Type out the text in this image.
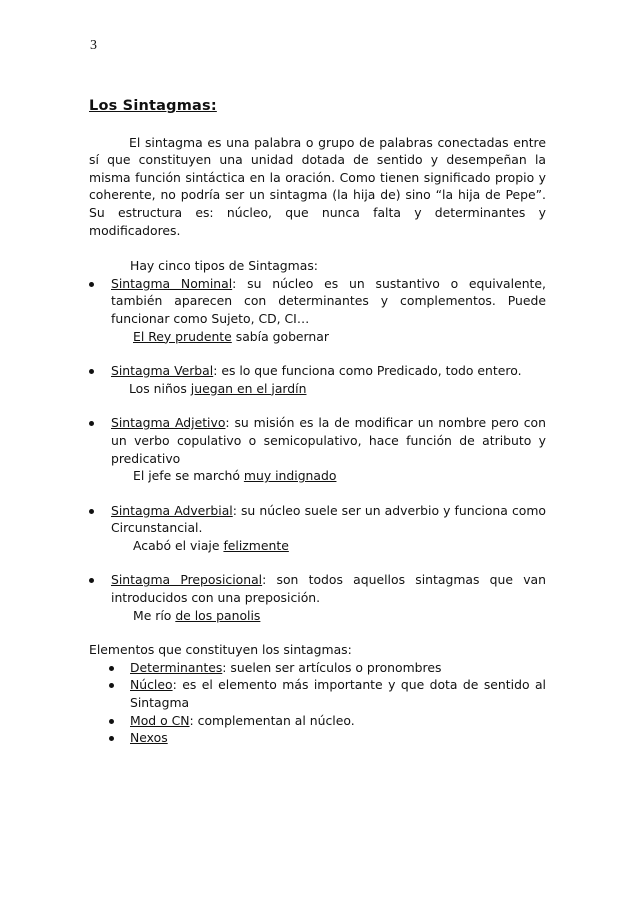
3
Los Sintagmas:

El sintagma es una palabra o grupo de palabras conectadas entre sí que constituyen una unidad dotada de sentido y desempeñan la misma función sintáctica en la oración. Como tienen significado propio y coherente, no podría ser un sintagma (la hija de) sino “la hija de Pepe”. Su estructura es: núcleo, que nunca falta y determinantes y modificadores.

Hay cinco tipos de Sintagmas:

Sintagma Nominal: su núcleo es un sustantivo o equivalente, también aparecen con determinantes y complementos. Puede funcionar como Sujeto, CD, CI…
El Rey prudente sabía gobernar
Sintagma Verbal: es lo que funciona como Predicado, todo entero.
Los niños juegan en el jardín
Sintagma Adjetivo: su misión es la de modificar un nombre pero con un verbo copulativo o semicopulativo, hace función de atributo y predicativo
El jefe se marchó muy indignado
Sintagma Adverbial: su núcleo suele ser un adverbio y funciona como Circunstancial.
Acabó el viaje felizmente
Sintagma Preposicional: son todos aquellos sintagmas que van introducidos con una preposición.
Me río de los panolis

Elementos que constituyen los sintagmas:

Determinantes: suelen ser artículos o pronombres
Núcleo: es el elemento más importante y que dota de sentido al Sintagma
Mod o CN: complementan al núcleo.
Nexos
